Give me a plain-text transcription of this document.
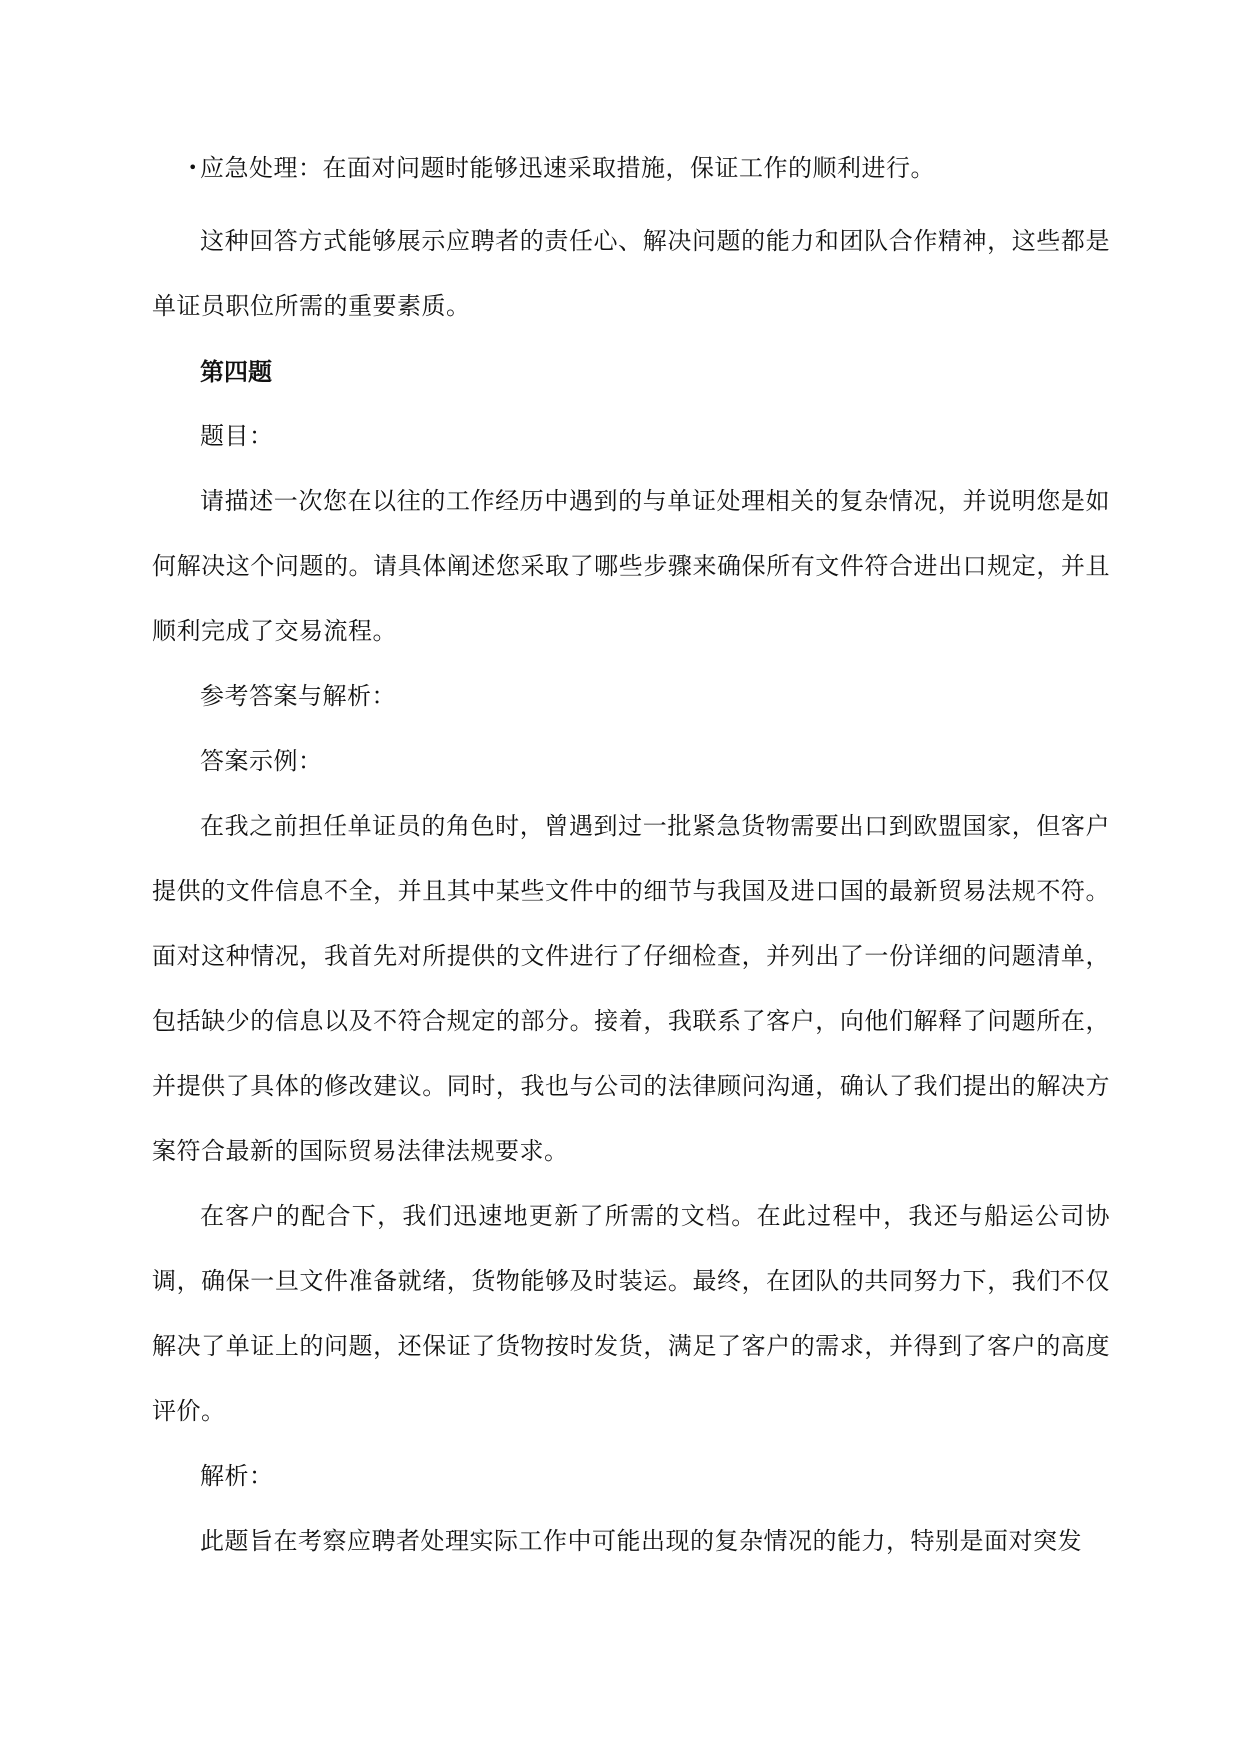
• 应急处理：在面对问题时能够迅速采取措施，保证工作的顺利进行。

这种回答方式能够展示应聘者的责任心、解决问题的能力和团队合作精神，这些都是单证员职位所需的重要素质。

第四题

题目：

请描述一次您在以往的工作经历中遇到的与单证处理相关的复杂情况，并说明您是如何解决这个问题的。请具体阐述您采取了哪些步骤来确保所有文件符合进出口规定，并且顺利完成了交易流程。

参考答案与解析：

答案示例：

在我之前担任单证员的角色时，曾遇到过一批紧急货物需要出口到欧盟国家，但客户提供的文件信息不全，并且其中某些文件中的细节与我国及进口国的最新贸易法规不符。面对这种情况，我首先对所提供的文件进行了仔细检查，并列出了一份详细的问题清单，包括缺少的信息以及不符合规定的部分。接着，我联系了客户，向他们解释了问题所在，并提供了具体的修改建议。同时，我也与公司的法律顾问沟通，确认了我们提出的解决方案符合最新的国际贸易法律法规要求。

在客户的配合下，我们迅速地更新了所需的文档。在此过程中，我还与船运公司协调，确保一旦文件准备就绪，货物能够及时装运。最终，在团队的共同努力下，我们不仅解决了单证上的问题，还保证了货物按时发货，满足了客户的需求，并得到了客户的高度评价。

解析：

此题旨在考察应聘者处理实际工作中可能出现的复杂情况的能力，特别是面对突发
